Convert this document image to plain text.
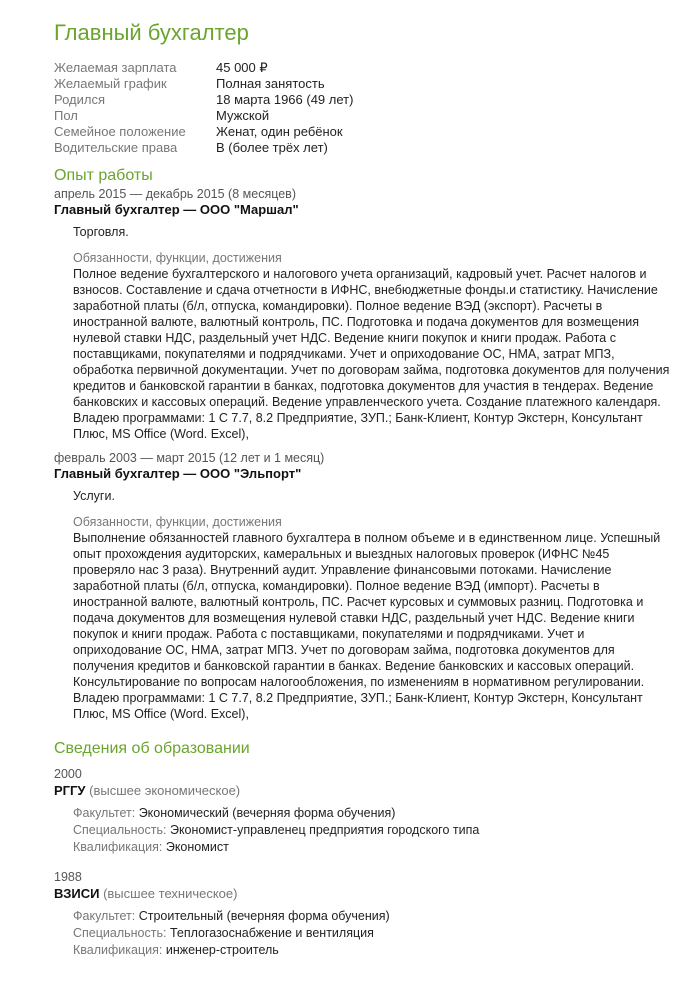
Главный бухгалтер
Желаемая зарплата	45 000 ₽
Желаемый график	Полная занятость
Родился	18 марта 1966 (49 лет)
Пол	Мужской
Семейное положение	Женат, один ребёнок
Водительские права	B (более трёх лет)
Опыт работы
апрель 2015 — декабрь 2015 (8 месяцев)
Главный бухгалтер — ООО "Маршал"
Торговля.
Обязанности, функции, достижения
Полное ведение бухгалтерского и налогового учета организаций, кадровый учет. Расчет налогов и взносов. Составление и сдача отчетности в ИФНС, внебюджетные фонды.и статистику. Начисление заработной платы (б/л, отпуска, командировки). Полное ведение ВЭД (экспорт). Расчеты в иностранной валюте, валютный контроль, ПС. Подготовка и подача документов для возмещения нулевой ставки НДС, раздельный учет НДС. Ведение книги покупок и книги продаж. Работа с поставщиками, покупателями и подрядчиками. Учет и оприходование ОС, НМА, затрат МПЗ, обработка первичной документации. Учет по договорам займа, подготовка документов для получения кредитов и банковской гарантии в банках, подготовка документов для участия в тендерах. Ведение банковских и кассовых операций. Ведение управленческого учета. Создание платежного календаря. Владею программами: 1 С 7.7, 8.2 Предприятие, ЗУП.; Банк-Клиент, Контур Экстерн, Консультант Плюс, MS Office (Word. Excel),
февраль 2003 — март 2015 (12 лет и 1 месяц)
Главный бухгалтер — ООО "Эльпорт"
Услуги.
Обязанности, функции, достижения
Выполнение обязанностей главного бухгалтера в полном объеме и в единственном лице. Успешный опыт прохождения аудиторских, камеральных и выездных налоговых проверок (ИФНС №45 проверяло нас 3 раза). Внутренний аудит. Управление финансовыми потоками. Начисление заработной платы (б/л, отпуска, командировки). Полное ведение ВЭД (импорт). Расчеты в иностранной валюте, валютный контроль, ПС. Расчет курсовых и суммовых разниц. Подготовка и подача документов для возмещения нулевой ставки НДС, раздельный учет НДС. Ведение книги покупок и книги продаж. Работа с поставщиками, покупателями и подрядчиками. Учет и оприходование ОС, НМА, затрат МПЗ. Учет по договорам займа, подготовка документов для получения кредитов и банковской гарантии в банках. Ведение банковских и кассовых операций. Консультирование по вопросам налогообложения, по изменениям в нормативном регулировании. Владею программами: 1 С 7.7, 8.2 Предприятие, ЗУП.; Банк-Клиент, Контур Экстерн, Консультант Плюс, MS Office (Word. Excel),
Сведения об образовании
2000
РГГУ (высшее экономическое)
Факультет: Экономический (вечерняя форма обучения)
Специальность: Экономист-управленец предприятия городского типа
Квалификация: Экономист
1988
ВЗИСИ (высшее техническое)
Факультет: Строительный (вечерняя форма обучения)
Специальность: Теплогазоснабжение и вентиляция
Квалификация: инженер-строитель
